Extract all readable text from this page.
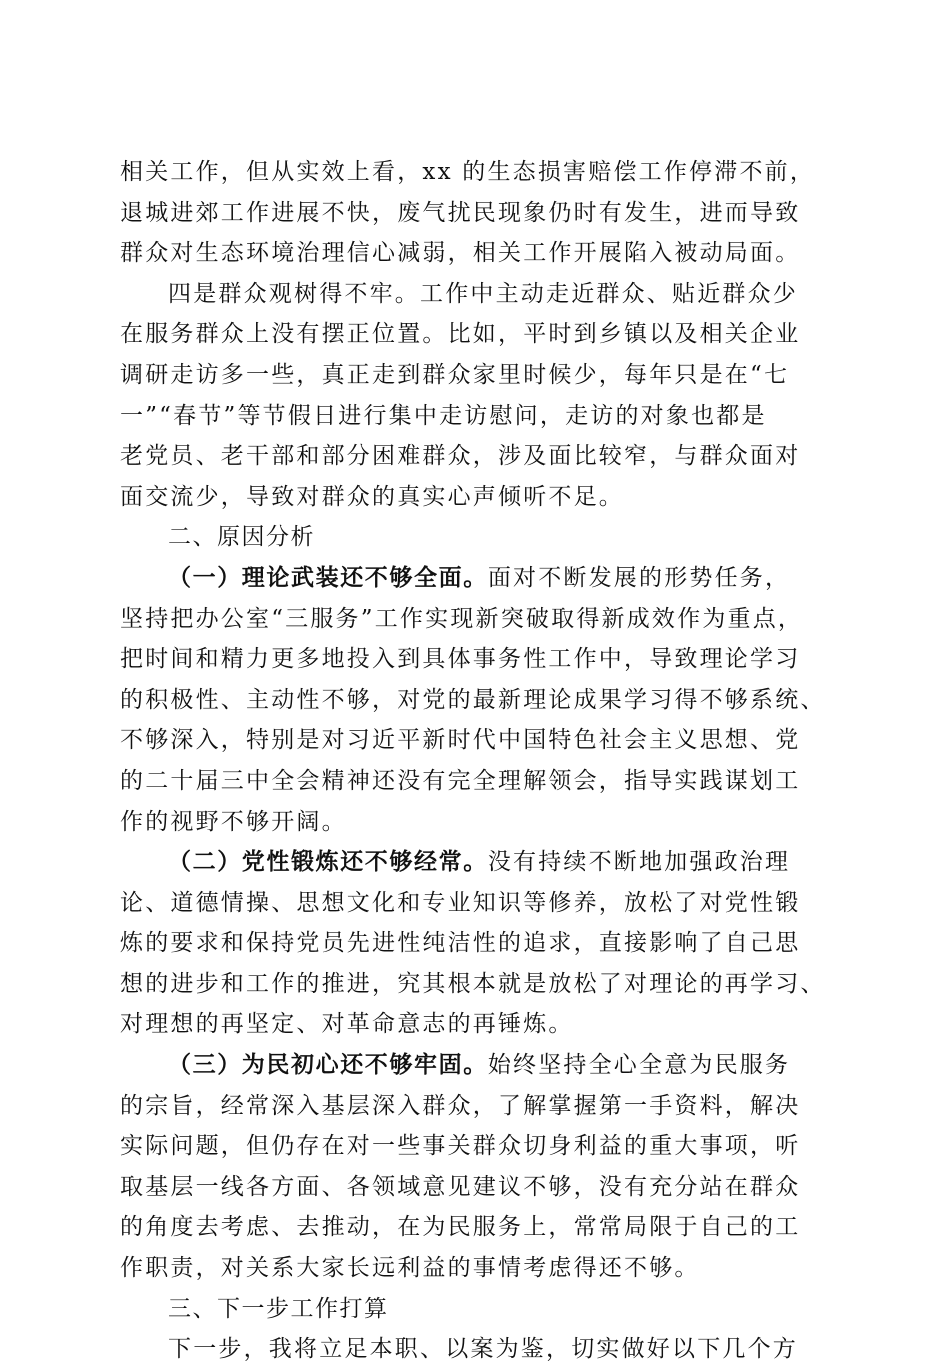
相关工作，但从实效上看，xx 的生态损害赔偿工作停滞不前，
退城进郊工作进展不快，废气扰民现象仍时有发生，进而导致
群众对生态环境治理信心减弱，相关工作开展陷入被动局面。
四是群众观树得不牢。工作中主动走近群众、贴近群众少
在服务群众上没有摆正位置。比如，平时到乡镇以及相关企业
调研走访多一些，真正走到群众家里时候少，每年只是在“七
一”“春节”等节假日进行集中走访慰问，走访的对象也都是
老党员、老干部和部分困难群众，涉及面比较窄，与群众面对
面交流少，导致对群众的真实心声倾听不足。
二、原因分析
（一）理论武装还不够全面。面对不断发展的形势任务，
坚持把办公室“三服务”工作实现新突破取得新成效作为重点，
把时间和精力更多地投入到具体事务性工作中，导致理论学习
的积极性、主动性不够，对党的最新理论成果学习得不够系统、
不够深入，特别是对习近平新时代中国特色社会主义思想、党
的二十届三中全会精神还没有完全理解领会，指导实践谋划工
作的视野不够开阔。
（二）党性锻炼还不够经常。没有持续不断地加强政治理
论、道德情操、思想文化和专业知识等修养，放松了对党性锻
炼的要求和保持党员先进性纯洁性的追求，直接影响了自己思
想的进步和工作的推进，究其根本就是放松了对理论的再学习、
对理想的再坚定、对革命意志的再锤炼。
（三）为民初心还不够牢固。始终坚持全心全意为民服务
的宗旨，经常深入基层深入群众，了解掌握第一手资料，解决
实际问题，但仍存在对一些事关群众切身利益的重大事项，听
取基层一线各方面、各领域意见建议不够，没有充分站在群众
的角度去考虑、去推动，在为民服务上，常常局限于自己的工
作职责，对关系大家长远利益的事情考虑得还不够。
三、下一步工作打算
下一步，我将立足本职、以案为鉴，切实做好以下几个方
